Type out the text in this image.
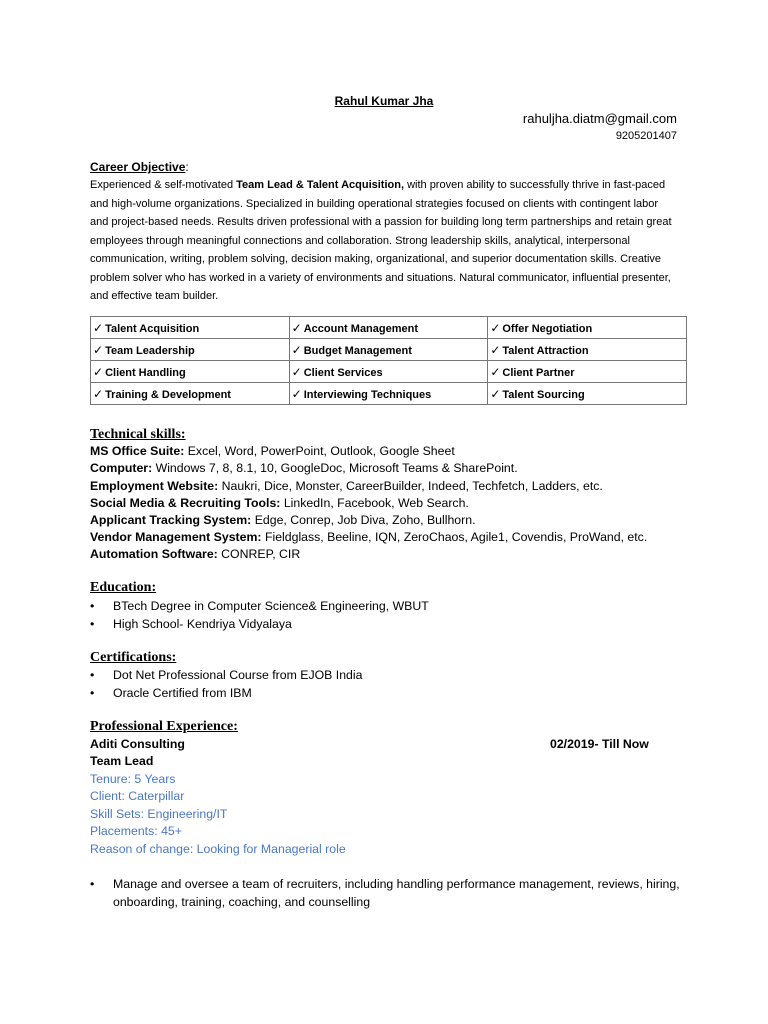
Rahul Kumar Jha
rahuljha.diatm@gmail.com
9205201407
Career Objective:
Experienced & self-motivated Team Lead & Talent Acquisition, with proven ability to successfully thrive in fast-paced and high-volume organizations. Specialized in building operational strategies focused on clients with contingent labor and project-based needs. Results driven professional with a passion for building long term partnerships and retain great employees through meaningful connections and collaboration. Strong leadership skills, analytical, interpersonal communication, writing, problem solving, decision making, organizational, and superior documentation skills. Creative problem solver who has worked in a variety of environments and situations. Natural communicator, influential presenter, and effective team builder.
✓ Talent Acquisition	✓ Account Management	✓ Offer Negotiation
✓ Team Leadership	✓ Budget Management	✓ Talent Attraction
✓ Client Handling	✓ Client Services	✓ Client Partner
✓ Training & Development	✓ Interviewing Techniques	✓ Talent Sourcing
Technical skills:
MS Office Suite: Excel, Word, PowerPoint, Outlook, Google Sheet
Computer: Windows 7, 8, 8.1, 10, GoogleDoc, Microsoft Teams & SharePoint.
Employment Website: Naukri, Dice, Monster, CareerBuilder, Indeed, Techfetch, Ladders, etc.
Social Media & Recruiting Tools: LinkedIn, Facebook, Web Search.
Applicant Tracking System: Edge, Conrep, Job Diva, Zoho, Bullhorn.
Vendor Management System: Fieldglass, Beeline, IQN, ZeroChaos, Agile1, Covendis, ProWand, etc.
Automation Software: CONREP, CIR
Education:
• BTech Degree in Computer Science& Engineering, WBUT
• High School- Kendriya Vidyalaya
Certifications:
• Dot Net Professional Course from EJOB India
• Oracle Certified from IBM
Professional Experience:
Aditi Consulting	02/2019- Till Now
Team Lead
Tenure: 5 Years
Client: Caterpillar
Skill Sets: Engineering/IT
Placements: 45+
Reason of change: Looking for Managerial role
• Manage and oversee a team of recruiters, including handling performance management, reviews, hiring, onboarding, training, coaching, and counselling
